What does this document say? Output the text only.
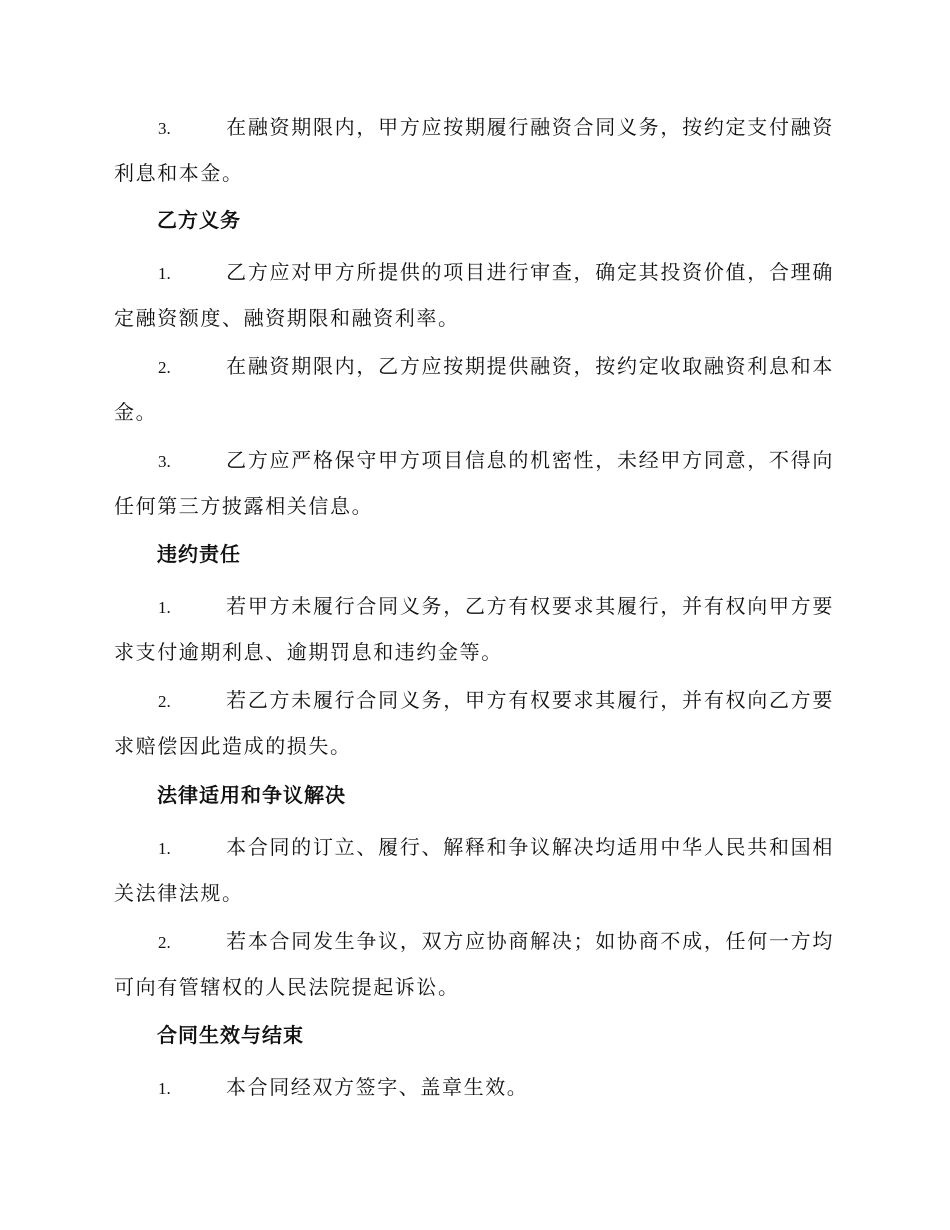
3.	在融资期限内，甲方应按期履行融资合同义务，按约定支付融资利息和本金。
乙方义务
1.	乙方应对甲方所提供的项目进行审查，确定其投资价值，合理确定融资额度、融资期限和融资利率。
2.	在融资期限内，乙方应按期提供融资，按约定收取融资利息和本金。
3.	乙方应严格保守甲方项目信息的机密性，未经甲方同意，不得向任何第三方披露相关信息。
违约责任
1.	若甲方未履行合同义务，乙方有权要求其履行，并有权向甲方要求支付逾期利息、逾期罚息和违约金等。
2.	若乙方未履行合同义务，甲方有权要求其履行，并有权向乙方要求赔偿因此造成的损失。
法律适用和争议解决
1.	本合同的订立、履行、解释和争议解决均适用中华人民共和国相关法律法规。
2.	若本合同发生争议，双方应协商解决；如协商不成，任何一方均可向有管辖权的人民法院提起诉讼。
合同生效与结束
1.	本合同经双方签字、盖章生效。
